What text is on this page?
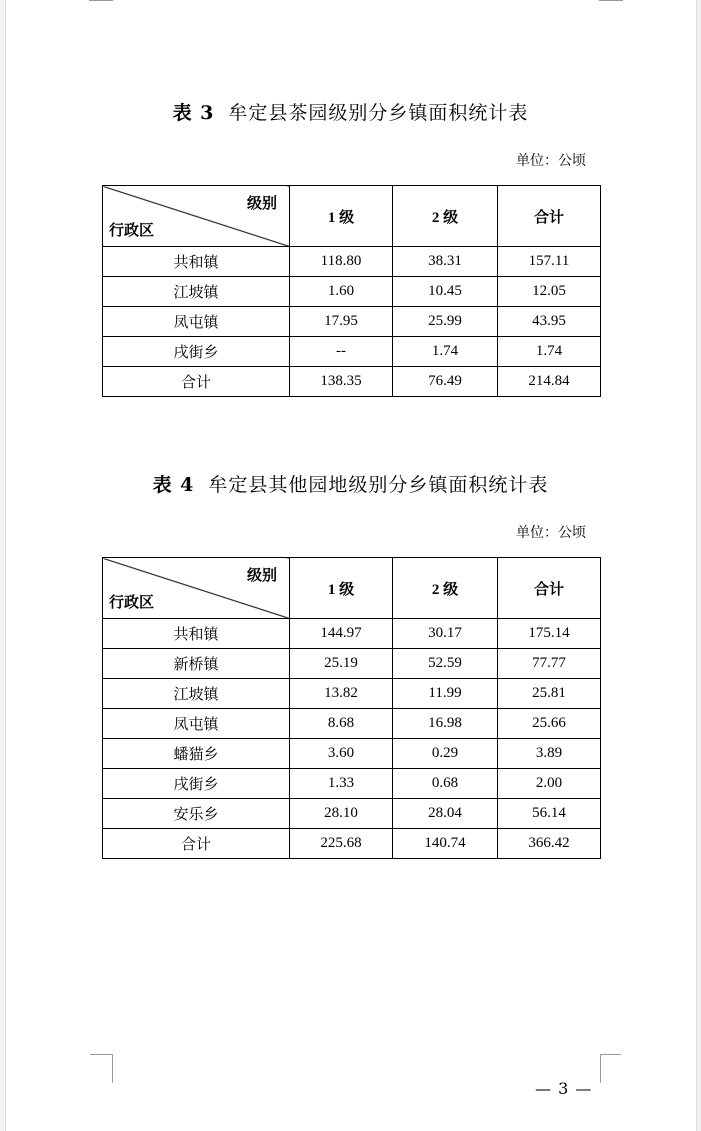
表 3 牟定县茶园级别分乡镇面积统计表
单位：公顷
级别
行政区	1 级	2 级	合计
共和镇	118.80	38.31	157.11
江坡镇	1.60	10.45	12.05
凤屯镇	17.95	25.99	43.95
戌街乡	--	1.74	1.74
合计	138.35	76.49	214.84
表 4 牟定县其他园地级别分乡镇面积统计表
单位：公顷
级别
行政区	1 级	2 级	合计
共和镇	144.97	30.17	175.14
新桥镇	25.19	52.59	77.77
江坡镇	13.82	11.99	25.81
凤屯镇	8.68	16.98	25.66
蟠猫乡	3.60	0.29	3.89
戌街乡	1.33	0.68	2.00
安乐乡	28.10	28.04	56.14
合计	225.68	140.74	366.42
— 3 —
